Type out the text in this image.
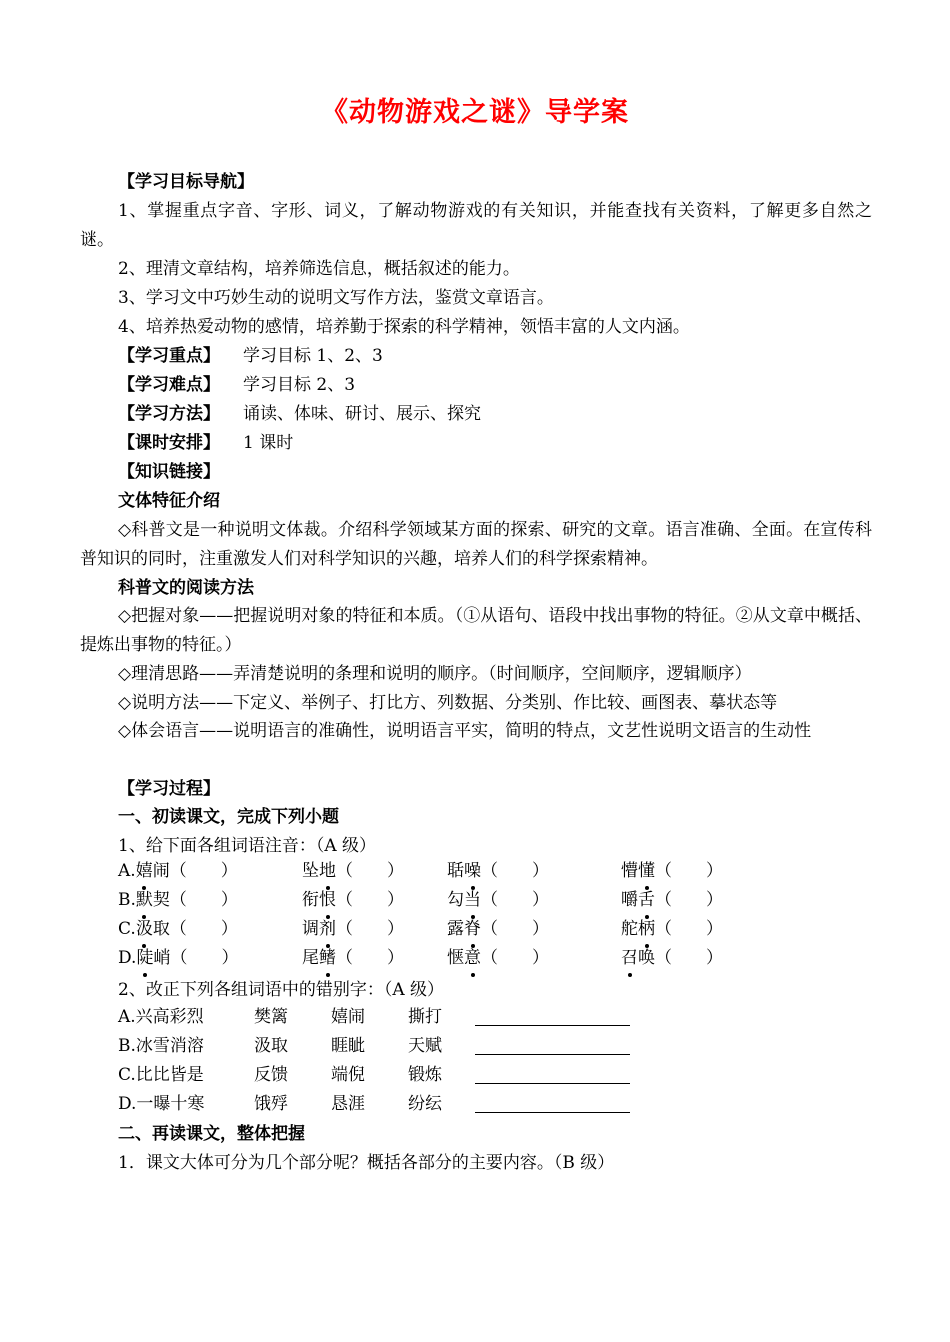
《动物游戏之谜》导学案
【学习目标导航】
1、掌握重点字音、字形、词义，了解动物游戏的有关知识，并能查找有关资料，了解更多自然之谜。
2、理清文章结构，培养筛选信息，概括叙述的能力。
3、学习文中巧妙生动的说明文写作方法，鉴赏文章语言。
4、培养热爱动物的感情，培养勤于探索的科学精神，领悟丰富的人文内涵。
【学习重点】 学习目标 1、2、3
【学习难点】 学习目标 2、3
【学习方法】 诵读、体味、研讨、展示、探究
【课时安排】 1 课时
【知识链接】
文体特征介绍
◇科普文是一种说明文体裁。介绍科学领域某方面的探索、研究的文章。语言准确、全面。在宣传科普知识的同时，注重激发人们对科学知识的兴趣，培养人们的科学探索精神。
科普文的阅读方法
◇把握对象——把握说明对象的特征和本质。（①从语句、语段中找出事物的特征。②从文章中概括、提炼出事物的特征。）
◇理清思路——弄清楚说明的条理和说明的顺序。（时间顺序，空间顺序，逻辑顺序）
◇说明方法——下定义、举例子、打比方、列数据、分类别、作比较、画图表、摹状态等
◇体会语言——说明语言的准确性，说明语言平实，简明的特点，文艺性说明文语言的生动性
【学习过程】
一、初读课文，完成下列小题
1、给下面各组词语注音：（A 级）
2、改正下列各组词语中的错别字：（A 级）
二、再读课文，整体把握
1．课文大体可分为几个部分呢？概括各部分的主要内容。（B 级）
A.嬉闹（　　 ）	坠地（　　 ）	聒噪（　　 ）	懵懂（　　 ）
B.默契（　　 ）	衔恨（　　 ）	勾当（　　 ）	嚼舌（　　 ）
C.汲取（　　 ）	调剂（　　 ）	露脊（　　 ）	舵柄（　　 ）
D.陡峭（　　 ）	尾鳍（　　 ）	惬意（　　 ）	召唤（　　 ）
A.兴高彩烈	樊篱	嬉闹	撕打
B.冰雪消溶	汲取	睚眦	天赋
C.比比皆是	反馈	端倪	锻炼
D.一曝十寒	饿殍	恳涯	纷纭
